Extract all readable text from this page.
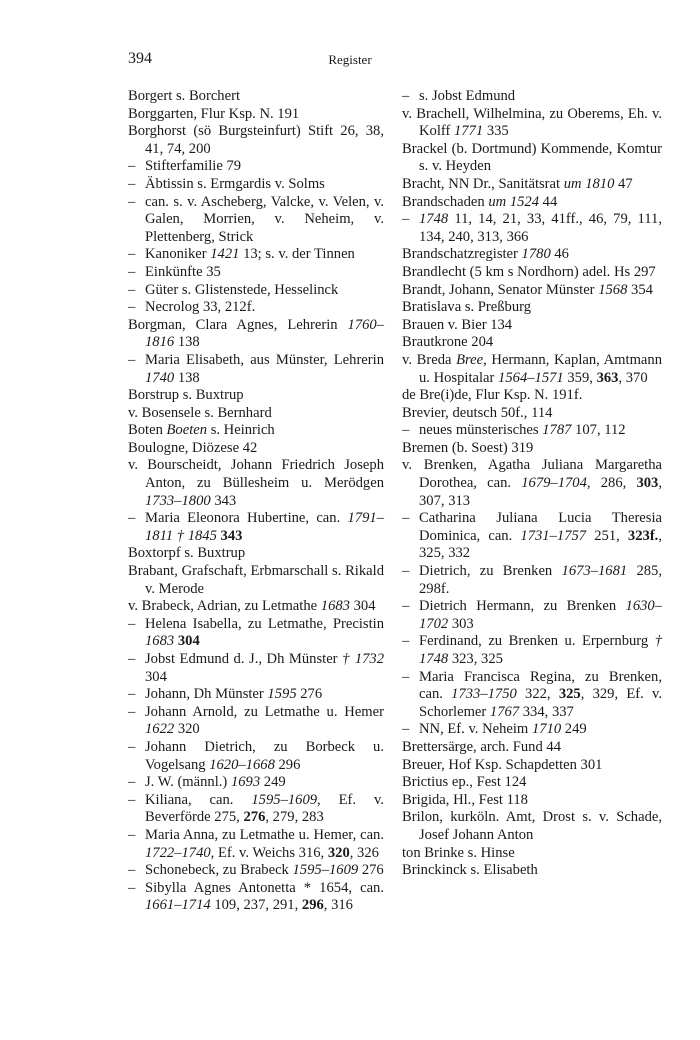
394	Register

Borgert s. Borchert

Borggarten, Flur Ksp. N. 191

Borghorst (sö Burgsteinfurt) Stift 26, 38, 41, 74, 200

– Stifterfamilie 79

– Äbtissin s. Ermgardis v. Solms

– can. s. v. Ascheberg, Valcke, v. Velen, v. Galen, Morrien, v. Neheim, v. Plettenberg, Strick

– Kanoniker 1421 13; s. v. der Tinnen

– Einkünfte 35

– Güter s. Glistenstede, Hesselinck

– Necrolog 33, 212f.

Borgman, Clara Agnes, Lehrerin 1760–1816 138

– Maria Elisabeth, aus Münster, Lehrerin 1740 138

Borstrup s. Buxtrup

v. Bosensele s. Bernhard

Boten Boeten s. Heinrich

Boulogne, Diözese 42

v. Bourscheidt, Johann Friedrich Joseph Anton, zu Büllesheim u. Merödgen 1733–1800 343

– Maria Eleonora Hubertine, can. 1791–1811 † 1845 343

Boxtorpf s. Buxtrup

Brabant, Grafschaft, Erbmarschall s. Rikald v. Merode

v. Brabeck, Adrian, zu Letmathe 1683 304

– Helena Isabella, zu Letmathe, Precistin 1683 304

– Jobst Edmund d. J., Dh Münster † 1732 304

– Johann, Dh Münster 1595 276

– Johann Arnold, zu Letmathe u. Hemer 1622 320

– Johann Dietrich, zu Borbeck u. Vogelsang 1620–1668 296

– J. W. (männl.) 1693 249

– Kiliana, can. 1595–1609, Ef. v. Beverförde 275, 276, 279, 283

– Maria Anna, zu Letmathe u. Hemer, can. 1722–1740, Ef. v. Weichs 316, 320, 326

– Schonebeck, zu Brabeck 1595–1609 276

– Sibylla Agnes Antonetta * 1654, can. 1661–1714 109, 237, 291, 296, 316

– s. Jobst Edmund

v. Brachell, Wilhelmina, zu Oberems, Eh. v. Kolff 1771 335

Brackel (b. Dortmund) Kommende, Komtur s. v. Heyden

Bracht, NN Dr., Sanitätsrat um 1810 47

Brandschaden um 1524 44

– 1748 11, 14, 21, 33, 41ff., 46, 79, 111, 134, 240, 313, 366

Brandschatzregister 1780 46

Brandlecht (5 km s Nordhorn) adel. Hs 297

Brandt, Johann, Senator Münster 1568 354

Bratislava s. Preßburg

Brauen v. Bier 134

Brautkrone 204

v. Breda Bree, Hermann, Kaplan, Amtmann u. Hospitalar 1564–1571 359, 363, 370

de Bre(i)de, Flur Ksp. N. 191f.

Brevier, deutsch 50f., 114

– neues münsterisches 1787 107, 112

Bremen (b. Soest) 319

v. Brenken, Agatha Juliana Margaretha Dorothea, can. 1679–1704, 286, 303, 307, 313

– Catharina Juliana Lucia Theresia Dominica, can. 1731–1757 251, 323f., 325, 332

– Dietrich, zu Brenken 1673–1681 285, 298f.

– Dietrich Hermann, zu Brenken 1630–1702 303

– Ferdinand, zu Brenken u. Erpernburg † 1748 323, 325

– Maria Francisca Regina, zu Brenken, can. 1733–1750 322, 325, 329, Ef. v. Schorlemer 1767 334, 337

– NN, Ef. v. Neheim 1710 249

Brettersärge, arch. Fund 44

Breuer, Hof Ksp. Schapdetten 301

Brictius ep., Fest 124

Brigida, Hl., Fest 118

Brilon, kurköln. Amt, Drost s. v. Schade, Josef Johann Anton

ton Brinke s. Hinse

Brinckinck s. Elisabeth
